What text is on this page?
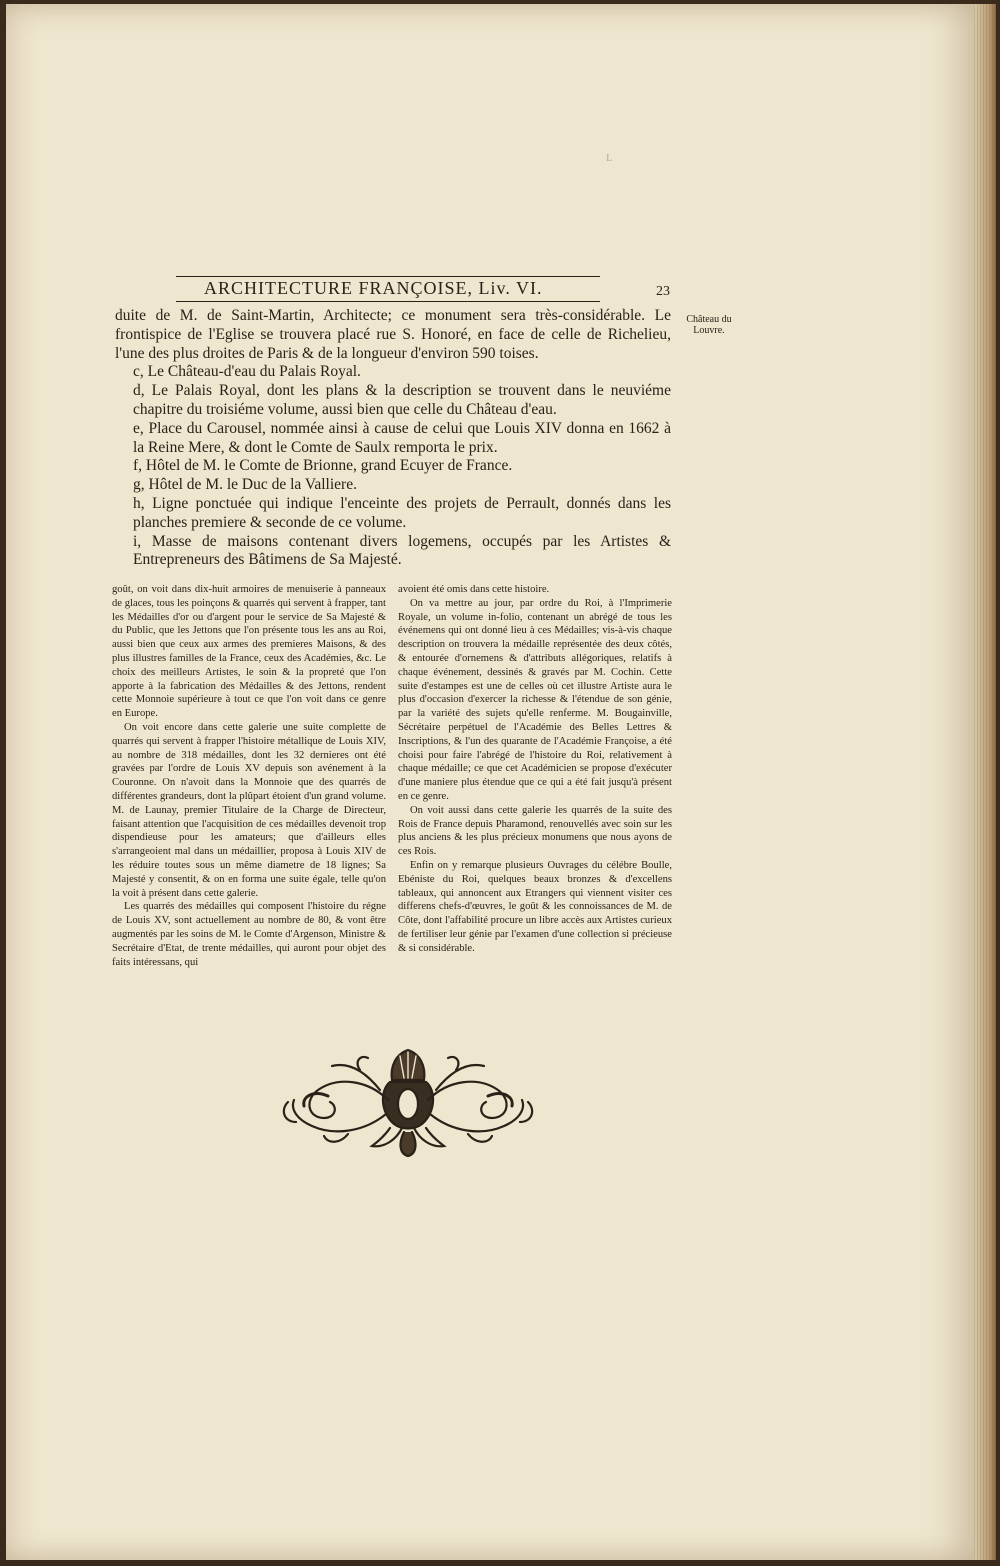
L
ARCHITECTURE FRANÇOISE, Liv. VI.	23
Château du Louvre.

duite de M. de Saint-Martin, Architecte; ce monument sera très-considérable. Le frontispice de l'Eglise se trouvera placé rue S. Honoré, en face de celle de Richelieu, l'une des plus droites de Paris & de la longueur d'environ 590 toises.

c, Le Château-d'eau du Palais Royal.

d, Le Palais Royal, dont les plans & la description se trouvent dans le neuviéme chapitre du troisiéme volume, aussi bien que celle du Château d'eau.

e, Place du Carousel, nommée ainsi à cause de celui que Louis XIV donna en 1662 à la Reine Mere, & dont le Comte de Saulx remporta le prix.

f, Hôtel de M. le Comte de Brionne, grand Ecuyer de France.

g, Hôtel de M. le Duc de la Valliere.

h, Ligne ponctuée qui indique l'enceinte des projets de Perrault, donnés dans les planches premiere & seconde de ce volume.

i, Masse de maisons contenant divers logemens, occupés par les Artistes & Entrepreneurs des Bâtimens de Sa Majesté.

goût, on voit dans dix-huit armoires de menuiserie à panneaux de glaces, tous les poinçons & quarrés qui servent à frapper, tant les Médailles d'or ou d'argent pour le service de Sa Majesté & du Public, que les Jettons que l'on présente tous les ans au Roi, aussi bien que ceux aux armes des premieres Maisons, & des plus illustres familles de la France, ceux des Académies, &c. Le choix des meilleurs Artistes, le soin & la propreté que l'on apporte à la fabrication des Médailles & des Jettons, rendent cette Monnoie supérieure à tout ce que l'on voit dans ce genre en Europe.

On voit encore dans cette galerie une suite complette de quarrés qui servent à frapper l'histoire métallique de Louis XIV, au nombre de 318 médailles, dont les 32 dernieres ont été gravées par l'ordre de Louis XV depuis son avénement à la Couronne. On n'avoit dans la Monnoie que des quarrés de différentes grandeurs, dont la plûpart étoient d'un grand volume. M. de Launay, premier Titulaire de la Charge de Directeur, faisant attention que l'acquisition de ces médailles devenoit trop dispendieuse pour les amateurs; que d'ailleurs elles s'arrangeoient mal dans un médaillier, proposa à Louis XIV de les réduire toutes sous un même diametre de 18 lignes; Sa Majesté y consentit, & on en forma une suite égale, telle qu'on la voit à présent dans cette galerie.

Les quarrés des médailles qui composent l'histoire du régne de Louis XV, sont actuellement au nombre de 80, & vont être augmentés par les soins de M. le Comte d'Argenson, Ministre & Secrétaire d'Etat, de trente médailles, qui auront pour objet des faits intéressans, qui

avoient été omis dans cette histoire.

On va mettre au jour, par ordre du Roi, à l'Imprimerie Royale, un volume in-folio, contenant un abrégé de tous les événemens qui ont donné lieu à ces Médailles; vis-à-vis chaque description on trouvera la médaille représentée des deux côtés, & entourée d'ornemens & d'attributs allégoriques, relatifs à chaque événement, dessinés & gravés par M. Cochin. Cette suite d'estampes est une de celles où cet illustre Artiste aura le plus d'occasion d'exercer la richesse & l'étendue de son génie, par la variété des sujets qu'elle renferme. M. Bougainville, Sécrétaire perpétuel de l'Académie des Belles Lettres & Inscriptions, & l'un des quarante de l'Académie Françoise, a été choisi pour faire l'abrégé de l'histoire du Roi, relativement à chaque médaille; ce que cet Académicien se propose d'exécuter d'une maniere plus étendue que ce qui a été fait jusqu'à présent en ce genre.

On voit aussi dans cette galerie les quarrés de la suite des Rois de France depuis Pharamond, renouvellés avec soin sur les plus anciens & les plus précieux monumens que nous ayons de ces Rois.

Enfin on y remarque plusieurs Ouvrages du célébre Boulle, Ebéniste du Roi, quelques beaux bronzes & d'excellens tableaux, qui annoncent aux Etrangers qui viennent visiter ces differens chefs-d'œuvres, le goût & les connoissances de M. de Côte, dont l'affabilité procure un libre accès aux Artistes curieux de fertiliser leur génie par l'examen d'une collection si précieuse & si considérable.
